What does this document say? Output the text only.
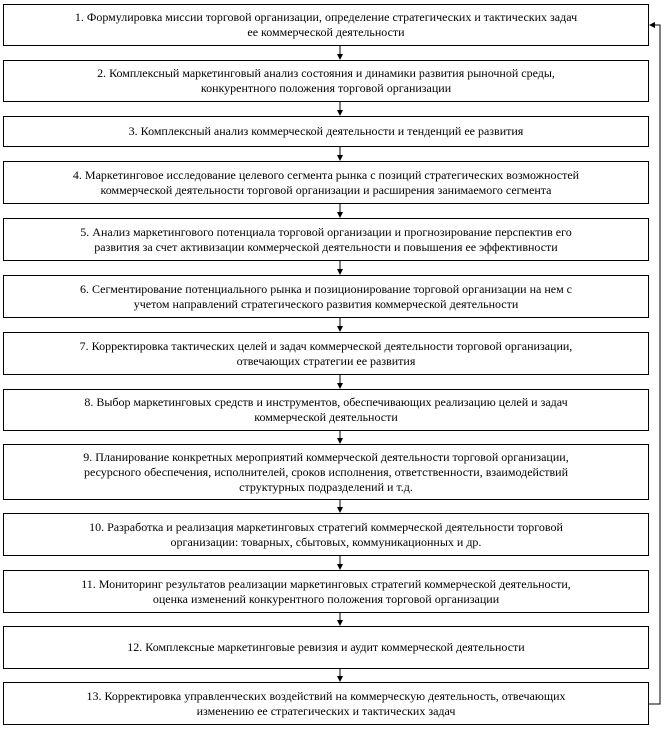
1. Формулировка миссии торговой организации, определение стратегических и тактических задач
ее коммерческой деятельности
2. Комплексный маркетинговый анализ состояния и динамики развития рыночной среды,
конкурентного положения торговой организации
3. Комплексный анализ коммерческой деятельности и тенденций ее развития
4. Маркетинговое исследование целевого сегмента рынка с позиций стратегических возможностей
коммерческой деятельности торговой организации и расширения занимаемого сегмента
5. Анализ маркетингового потенциала торговой организации и прогнозирование перспектив его
развития за счет активизации коммерческой деятельности и повышения ее эффективности
6. Сегментирование потенциального рынка и позиционирование торговой организации на нем с
учетом направлений стратегического развития коммерческой деятельности
7. Корректировка тактических целей и задач коммерческой деятельности торговой организации,
отвечающих стратегии ее развития
8. Выбор маркетинговых средств и инструментов, обеспечивающих реализацию целей и задач
коммерческой деятельности
9. Планирование конкретных мероприятий коммерческой деятельности торговой организации,
ресурсного обеспечения, исполнителей, сроков исполнения, ответственности, взаимодействий
структурных подразделений и т.д.
10. Разработка и реализация маркетинговых стратегий коммерческой деятельности торговой
организации: товарных, сбытовых, коммуникационных и др.
11. Мониторинг результатов реализации маркетинговых стратегий коммерческой деятельности,
оценка изменений конкурентного положения торговой организации
12. Комплексные маркетинговые ревизия и аудит коммерческой деятельности
13. Корректировка управленческих воздействий на коммерческую деятельность, отвечающих
изменению ее стратегических и тактических задач
